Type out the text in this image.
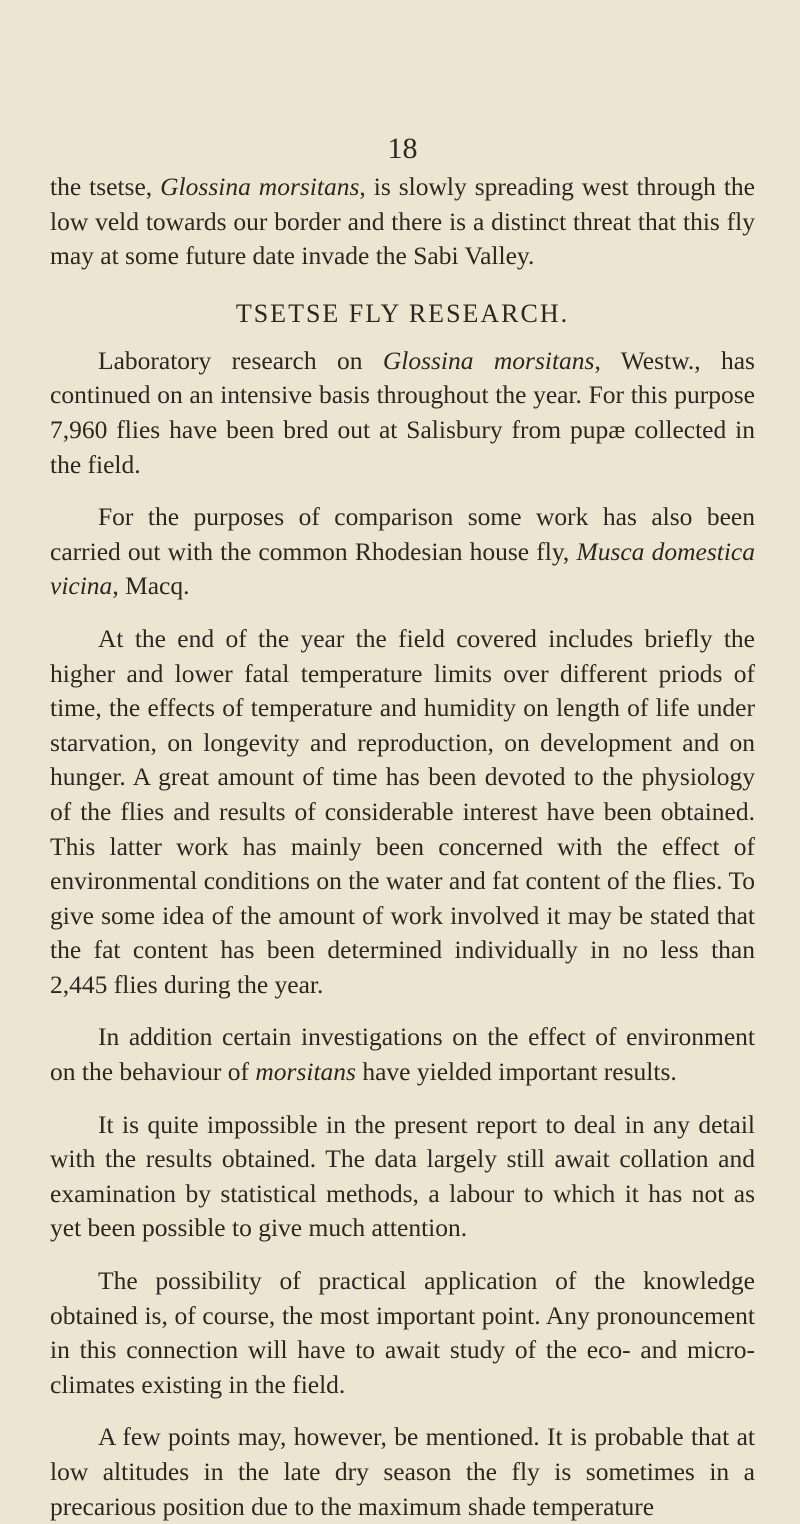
18

the tsetse, Glossina morsitans, is slowly spreading west through the low veld towards our border and there is a distinct threat that this fly may at some future date invade the Sabi Valley.

TSETSE FLY RESEARCH.

Laboratory research on Glossina morsitans, Westw., has continued on an intensive basis throughout the year. For this purpose 7,960 flies have been bred out at Salisbury from pupæ collected in the field.

For the purposes of comparison some work has also been carried out with the common Rhodesian house fly, Musca domestica vicina, Macq.

At the end of the year the field covered includes briefly the higher and lower fatal temperature limits over different priods of time, the effects of temperature and humidity on length of life under starvation, on longevity and reproduction, on development and on hunger. A great amount of time has been devoted to the physiology of the flies and results of considerable interest have been obtained. This latter work has mainly been concerned with the effect of environmental conditions on the water and fat content of the flies. To give some idea of the amount of work involved it may be stated that the fat content has been determined individually in no less than 2,445 flies during the year.

In addition certain investigations on the effect of environment on the behaviour of morsitans have yielded important results.

It is quite impossible in the present report to deal in any detail with the results obtained. The data largely still await collation and examination by statistical methods, a labour to which it has not as yet been possible to give much attention.

The possibility of practical application of the knowledge obtained is, of course, the most important point. Any pronouncement in this connection will have to await study of the eco- and micro-climates existing in the field.

A few points may, however, be mentioned. It is probable that at low altitudes in the late dry season the fly is sometimes in a precarious position due to the maximum shade temperature
